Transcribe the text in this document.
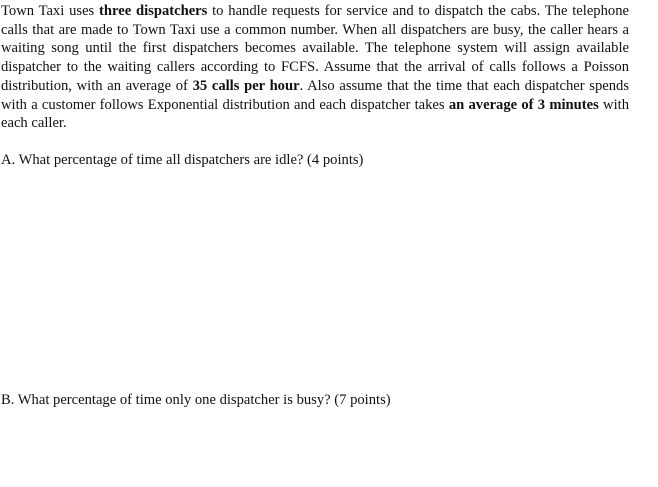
Town Taxi uses three dispatchers to handle requests for service and to dispatch the cabs. The telephone calls that are made to Town Taxi use a common number. When all dispatchers are busy, the caller hears a waiting song until the first dispatchers becomes available. The telephone system will assign available dispatcher to the waiting callers according to FCFS. Assume that the arrival of calls follows a Poisson distribution, with an average of 35 calls per hour. Also assume that the time that each dispatcher spends with a customer follows Exponential distribution and each dispatcher takes an average of 3 minutes with each caller.

A. What percentage of time all dispatchers are idle? (4 points)

B. What percentage of time only one dispatcher is busy? (7 points)
